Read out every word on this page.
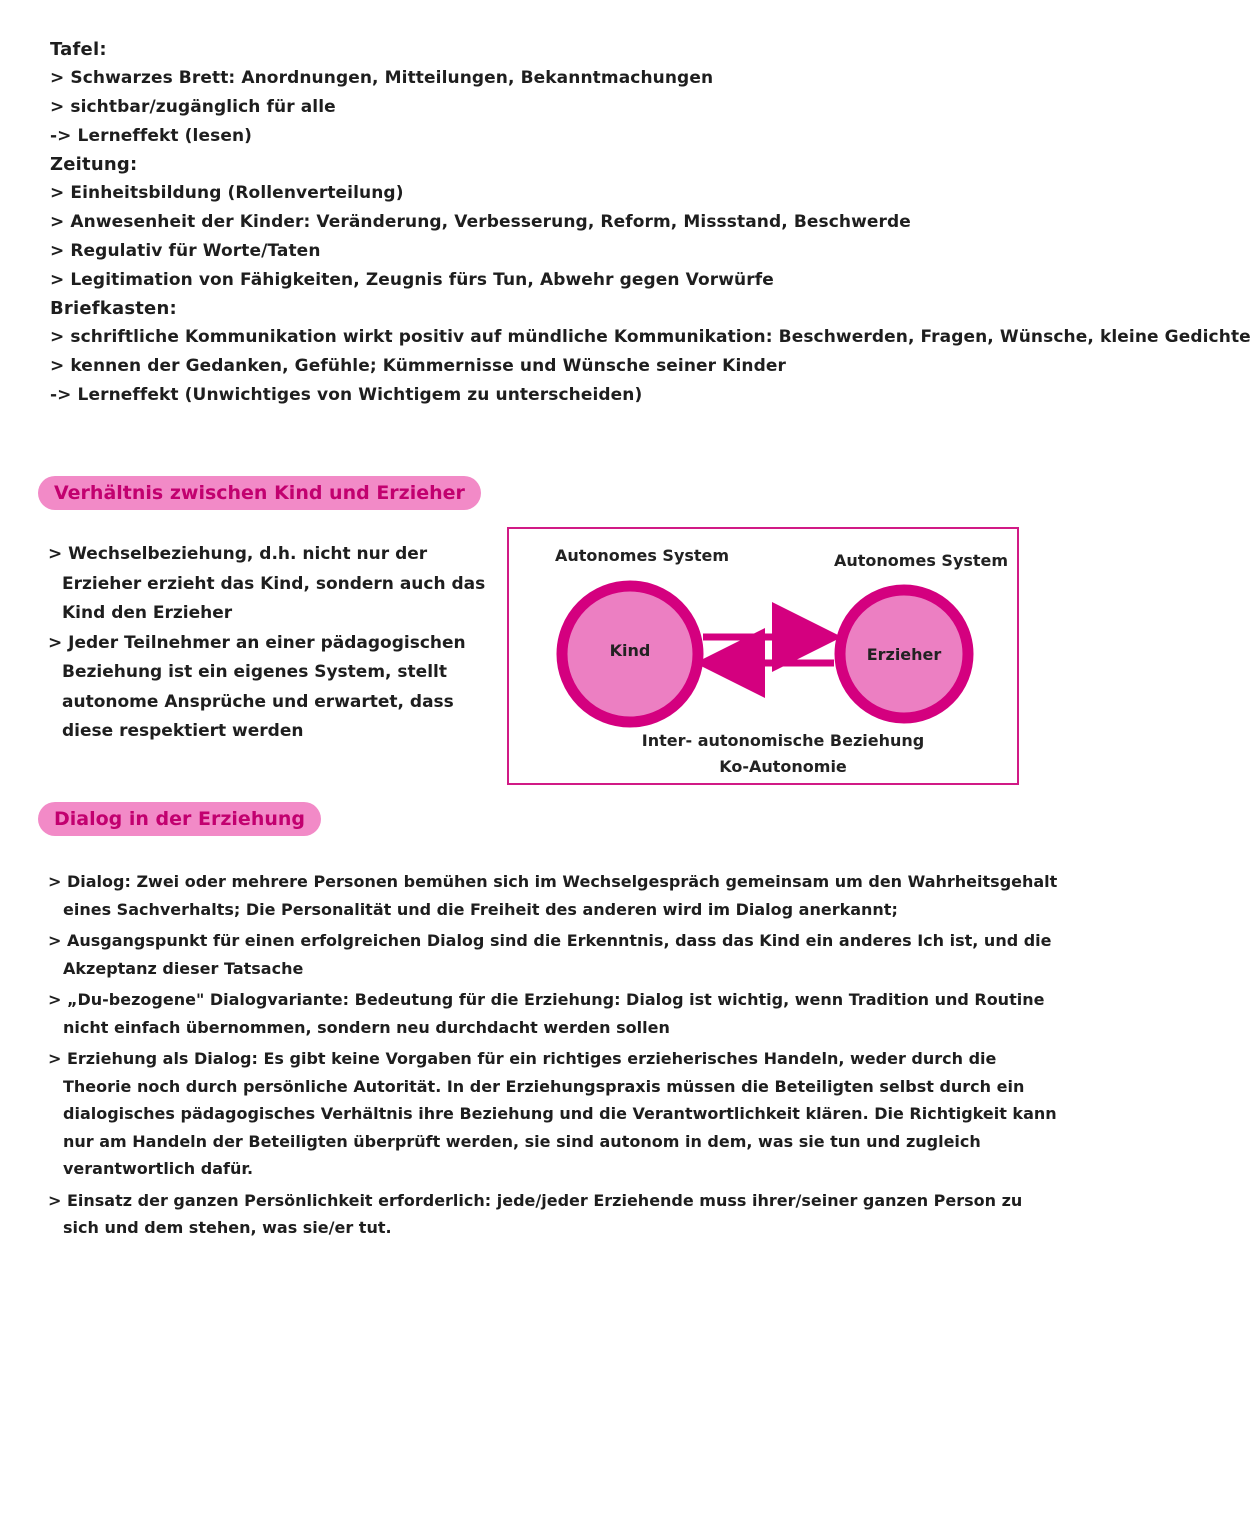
Tafel:
> Schwarzes Brett: Anordnungen, Mitteilungen, Bekanntmachungen
> sichtbar/zugänglich für alle
-> Lerneffekt (lesen)
Zeitung:
> Einheitsbildung (Rollenverteilung)
> Anwesenheit der Kinder: Veränderung, Verbesserung, Reform, Missstand, Beschwerde
> Regulativ für Worte/Taten
> Legitimation von Fähigkeiten, Zeugnis fürs Tun, Abwehr gegen Vorwürfe
Briefkasten:
> schriftliche Kommunikation wirkt positiv auf mündliche Kommunikation: Beschwerden, Fragen, Wünsche, kleine Gedichte
> kennen der Gedanken, Gefühle; Kümmernisse und Wünsche seiner Kinder
-> Lerneffekt (Unwichtiges von Wichtigem zu unterscheiden)
Verhältnis zwischen Kind und Erzieher
> Wechselbeziehung, d.h. nicht nur der Erzieher erzieht das Kind, sondern auch das Kind den Erzieher
> Jeder Teilnehmer an einer pädagogischen Beziehung ist ein eigenes System, stellt autonome Ansprüche und erwartet, dass diese respektiert werden
Autonomes System	Autonomes System
Kind	Erzieher
Inter- autonomische Beziehung
Ko-Autonomie
Dialog in der Erziehung
> Dialog: Zwei oder mehrere Personen bemühen sich im Wechselgespräch gemeinsam um den Wahrheitsgehalt eines Sachverhalts; Die Personalität und die Freiheit des anderen wird im Dialog anerkannt;
> Ausgangspunkt für einen erfolgreichen Dialog sind die Erkenntnis, dass das Kind ein anderes Ich ist, und die Akzeptanz dieser Tatsache
> „Du-bezogene" Dialogvariante: Bedeutung für die Erziehung: Dialog ist wichtig, wenn Tradition und Routine nicht einfach übernommen, sondern neu durchdacht werden sollen
> Erziehung als Dialog: Es gibt keine Vorgaben für ein richtiges erzieherisches Handeln, weder durch die Theorie noch durch persönliche Autorität. In der Erziehungspraxis müssen die Beteiligten selbst durch ein dialogisches pädagogisches Verhältnis ihre Beziehung und die Verantwortlichkeit klären. Die Richtigkeit kann nur am Handeln der Beteiligten überprüft werden, sie sind autonom in dem, was sie tun und zugleich verantwortlich dafür.
> Einsatz der ganzen Persönlichkeit erforderlich: jede/jeder Erziehende muss ihrer/seiner ganzen Person zu sich und dem stehen, was sie/er tut.
